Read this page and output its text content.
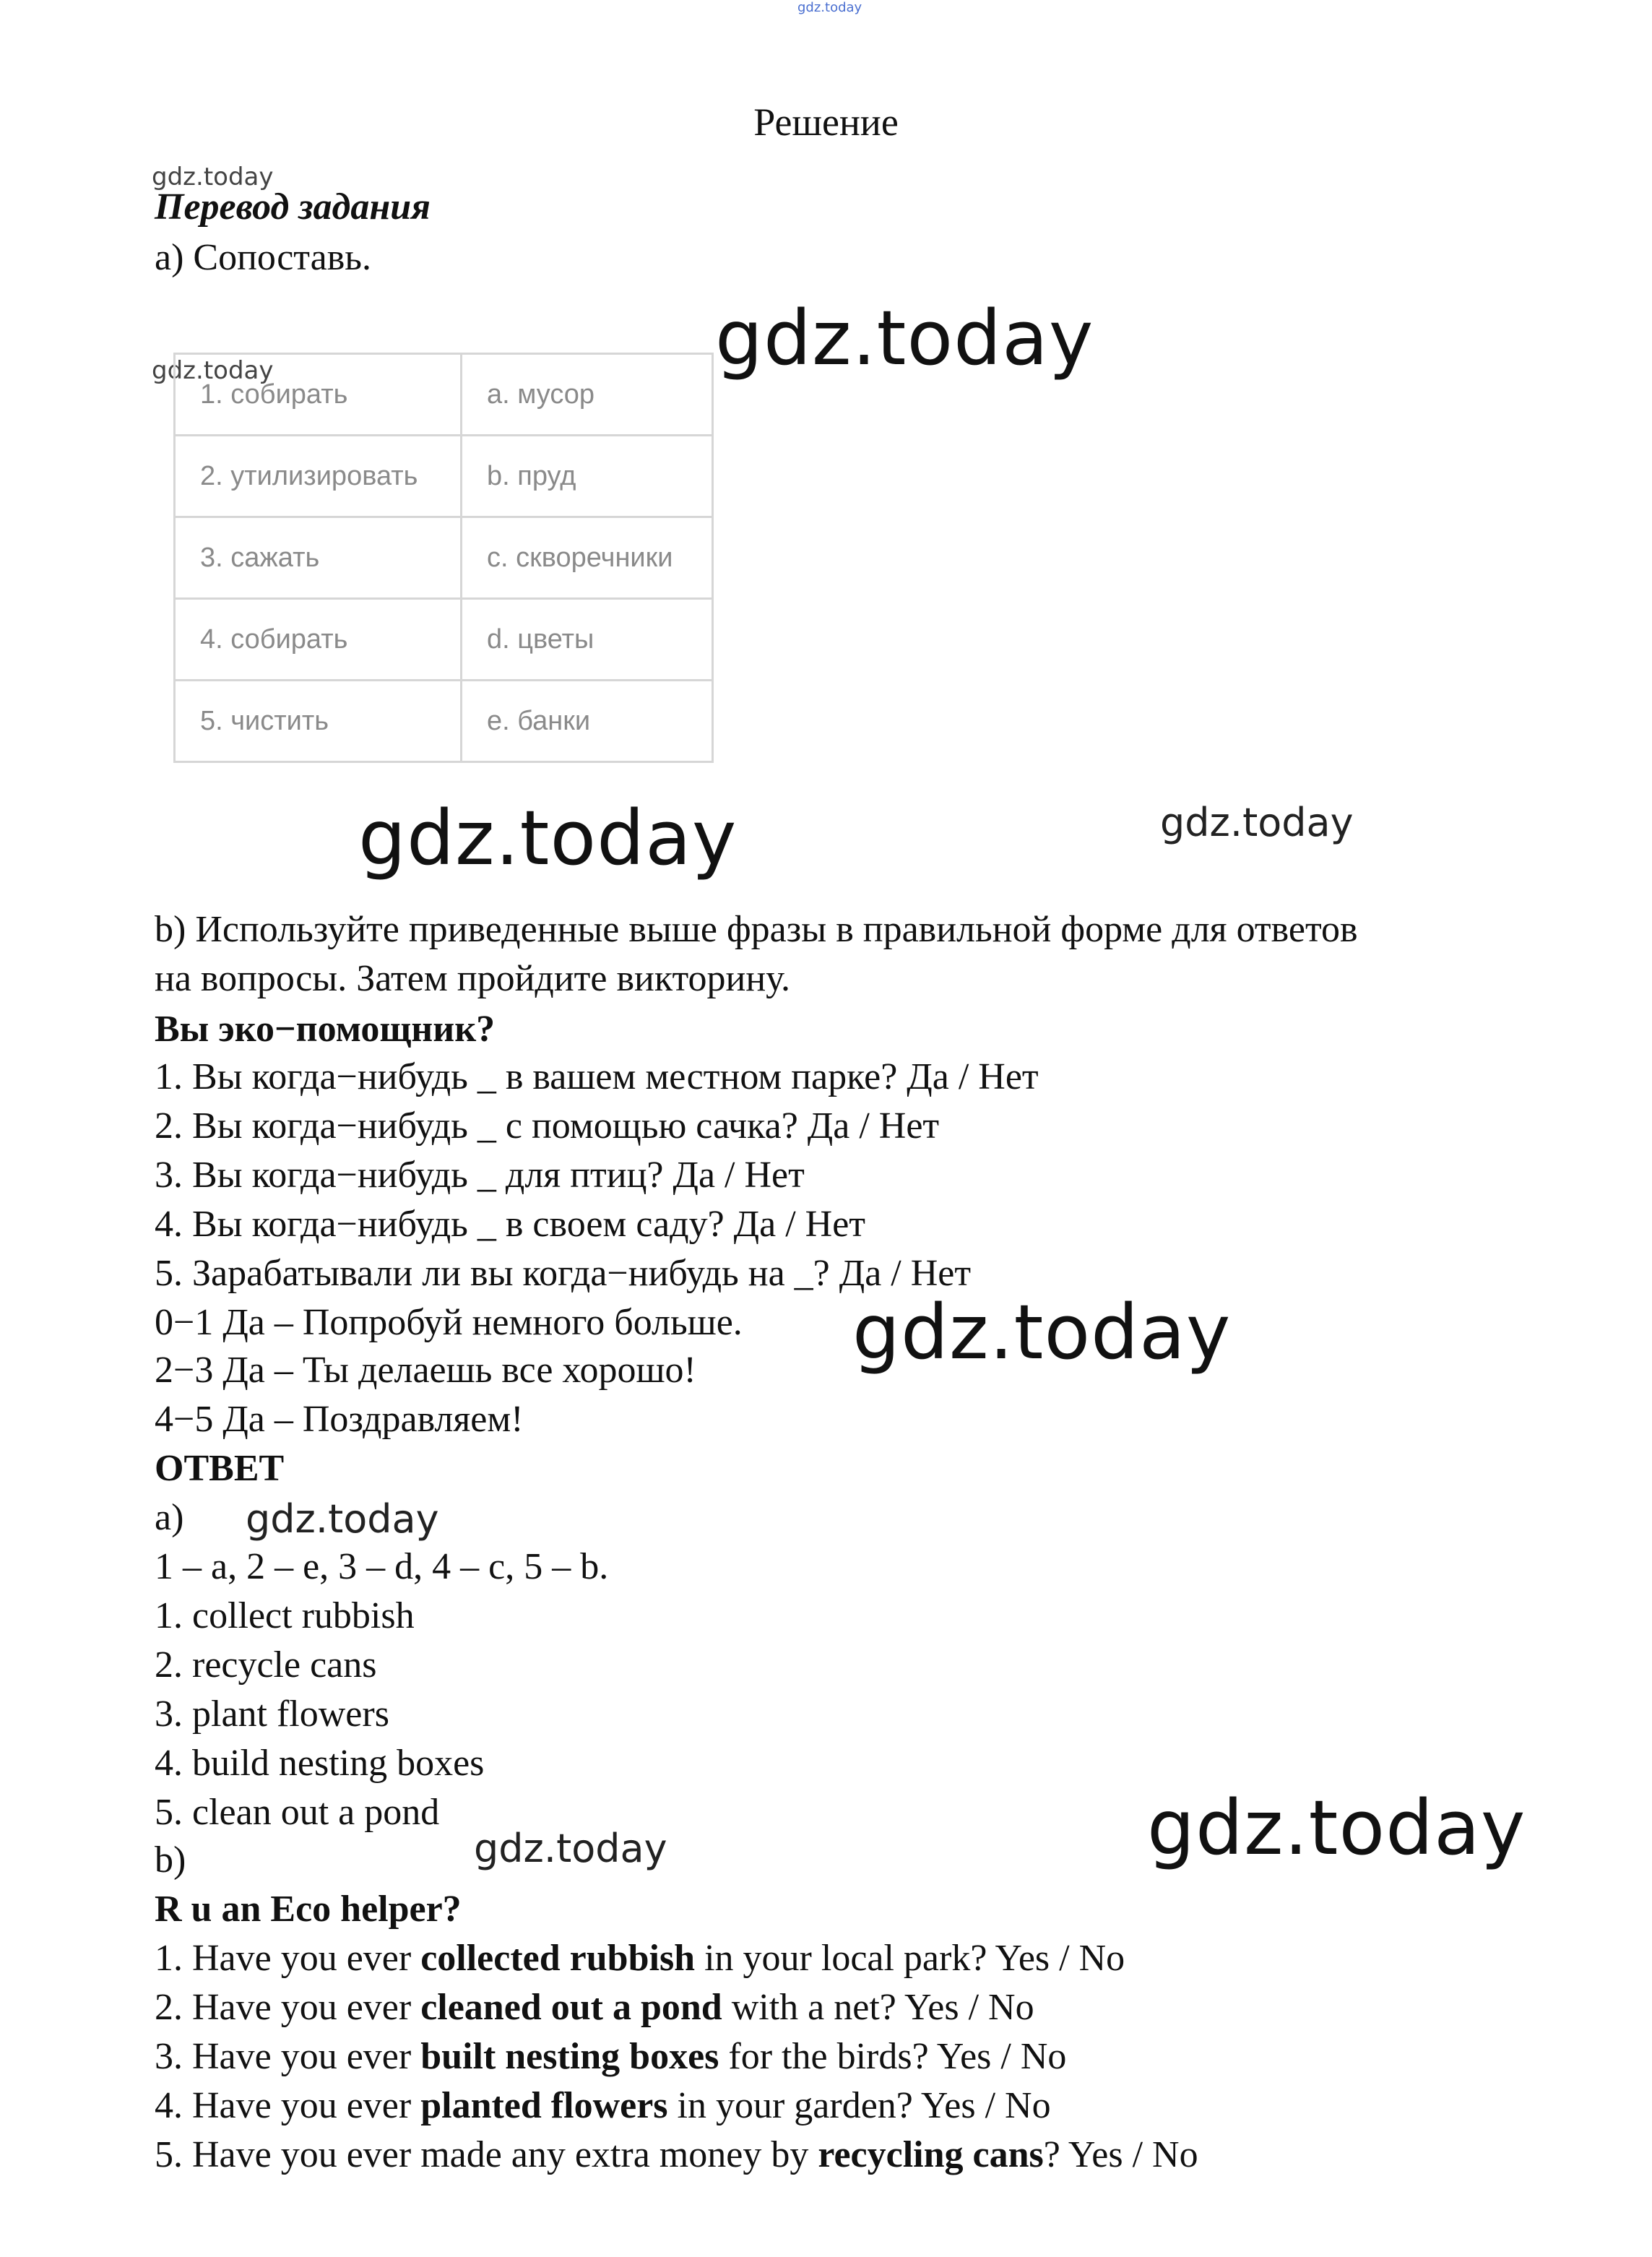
gdz.today
gdz.today
gdz.today
gdz.today
gdz.today	gdz.today
gdz.today
gdz.today
gdz.today	gdz.today
Решение
Перевод задания
а) Сопоставь.
1. собирать	a. мусор
2. утилизировать	b. пруд
3. сажать	c. скворечники
4. собирать	d. цветы
5. чистить	e. банки
b) Используйте приведенные выше фразы в правильной форме для ответов
на вопросы. Затем пройдите викторину.
Вы эко−помощник?
1. Вы когда−нибудь _ в вашем местном парке? Да / Нет
2. Вы когда−нибудь _ с помощью сачка? Да / Нет
3. Вы когда−нибудь _ для птиц? Да / Нет
4. Вы когда−нибудь _ в своем саду? Да / Нет
5. Зарабатывали ли вы когда−нибудь на _? Да / Нет
0−1 Да – Попробуй немного больше.
2−3 Да – Ты делаешь все хорошо!
4−5 Да – Поздравляем!
ОТВЕТ
a)
1 – a, 2 – e, 3 – d, 4 – c, 5 – b.
1. collect rubbish
2. recycle cans
3. plant flowers
4. build nesting boxes
5. clean out a pond
b)
R u an Eco helper?
1. Have you ever collected rubbish in your local park? Yes / No
2. Have you ever cleaned out a pond with a net? Yes / No
3. Have you ever built nesting boxes for the birds? Yes / No
4. Have you ever planted flowers in your garden? Yes / No
5. Have you ever made any extra money by recycling cans? Yes / No
